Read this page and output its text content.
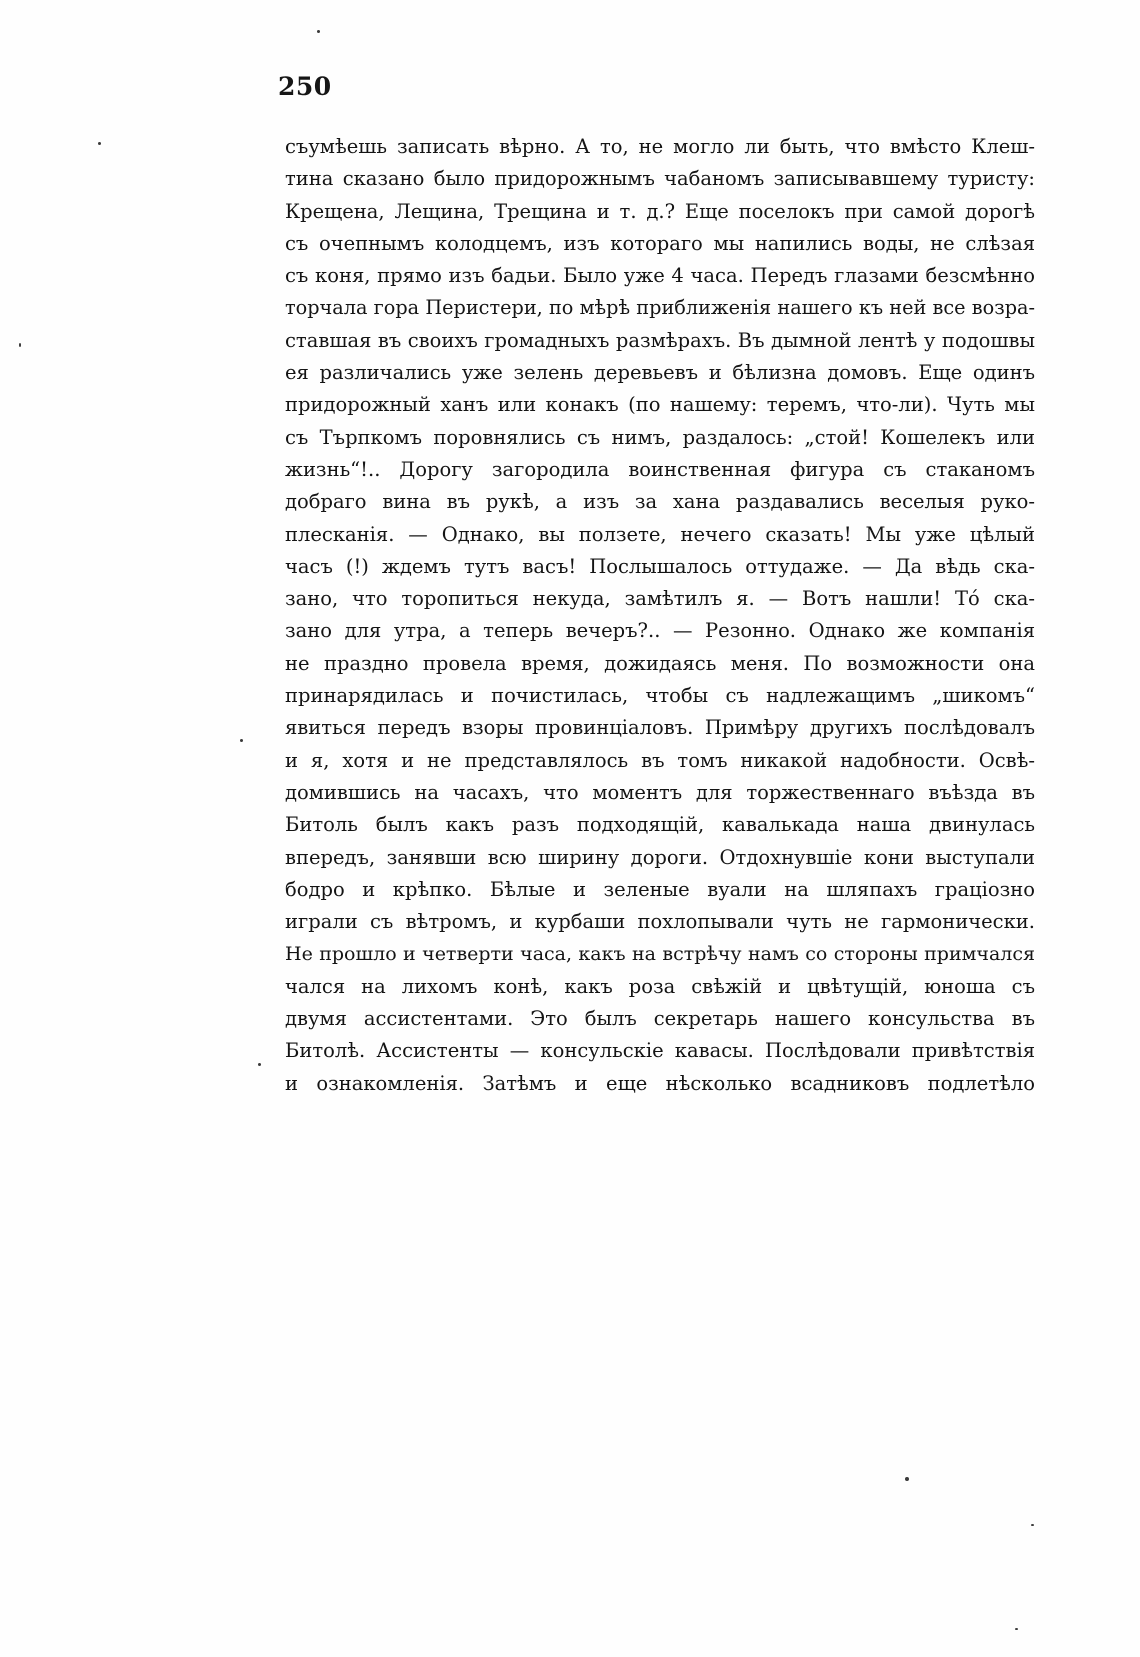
250
съумѣешь записать вѣрно. А то, не могло ли быть, что вмѣсто Клеш-
тина сказано было придорожнымъ чабаномъ записывавшему туристу:
Крещена, Лещина, Трещина и т. д.? Еще поселокъ при самой дорогѣ
съ очепнымъ колодцемъ, изъ котораго мы напились воды, не слѣзая
съ коня, прямо изъ бадьи. Было уже 4 часа. Передъ глазами безсмѣнно
торчала гора Перистери, по мѣрѣ приближенія нашего къ ней все возра-
ставшая въ своихъ громадныхъ размѣрахъ. Въ дымной лентѣ у подошвы
ея различались уже зелень деревьевъ и бѣлизна домовъ. Еще одинъ
придорожный ханъ или конакъ (по нашему: теремъ, что-ли). Чуть мы
съ Търпкомъ поровнялись съ нимъ, раздалось: „стой! Кошелекъ или
жизнь“!.. Дорогу загородила воинственная фигура съ стаканомъ
добраго вина въ рукѣ, а изъ за хана раздавались веселыя руко-
плесканія. — Однако, вы ползете, нечего сказать! Мы уже цѣлый
часъ (!) ждемъ тутъ васъ! Послышалось оттудаже. — Да вѣдь ска-
зано, что торопиться некуда, замѣтилъ я. — Вотъ нашли! Тó ска-
зано для утра, а теперь вечеръ?.. — Резонно. Однако же компанія
не праздно провела время, дожидаясь меня. По возможности она
принарядилась и почистилась, чтобы съ надлежащимъ „шикомъ“
явиться передъ взоры провинціаловъ. Примѣру другихъ послѣдовалъ
и я, хотя и не представлялось въ томъ никакой надобности. Освѣ-
домившись на часахъ, что моментъ для торжественнаго въѣзда въ
Битоль былъ какъ разъ подходящій, кавалькада наша двинулась
впередъ, занявши всю ширину дороги. Отдохнувшіе кони выступали
бодро и крѣпко. Бѣлые и зеленые вуали на шляпахъ граціозно
играли съ вѣтромъ, и курбаши похлопывали чуть не гармонически.
Не прошло и четверти часа, какъ на встрѣчу намъ со стороны примчался
чался на лихомъ конѣ, какъ роза свѣжій и цвѣтущій, юноша съ
двумя ассистентами. Это былъ секретарь нашего консульства въ
Битолѣ. Ассистенты — консульскіе кавасы. Послѣдовали привѣтствія
и ознакомленія. Затѣмъ и еще нѣсколько всадниковъ подлетѣло
